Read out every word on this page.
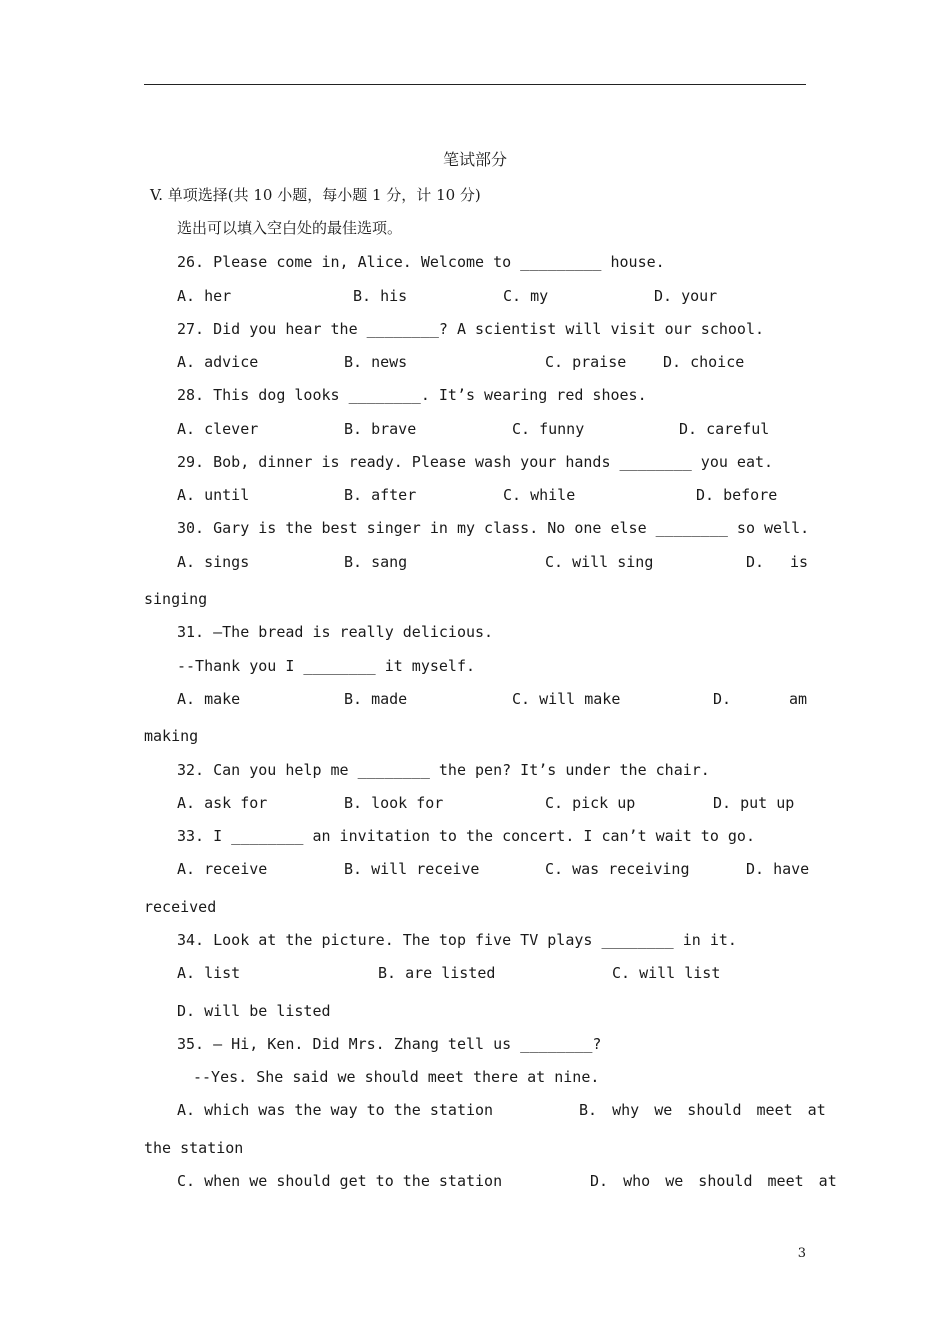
笔试部分
V. 单项选择(共 10 小题，每小题 1 分，计 10 分)
选出可以填入空白处的最佳选项。
26. Please come in, Alice. Welcome to _________ house.
A. her	B. his	C. my	D. your
27. Did you hear the ________? A scientist will visit our school.
A. advice	B. news	C. praise D. choice
28. This dog looks ________. It’s wearing red shoes.
A. clever	B. brave	C. funny	D. careful
29. Bob, dinner is ready. Please wash your hands ________ you eat.
A. until	B. after	C. while	D. before
30. Gary is the best singer in my class. No one else ________ so well.
A. sings	B. sang	C. will sing	D. is
singing
31. –The bread is really delicious.
--Thank you I ________ it myself.
A. make	B. made	C. will make	D.	am
making
32. Can you help me ________ the pen? It’s under the chair.
A. ask for	B. look for	C. pick up	D. put up
33. I ________ an invitation to the concert. I can’t wait to go.
A. receive	B. will receive	C. was receiving	D. have
received
34. Look at the picture. The top five TV plays ________ in it.
A. list	B. are listed	C. will list
D. will be listed
35. – Hi, Ken. Did Mrs. Zhang tell us ________?
--Yes. She said we should meet there at nine.
A. which was the way to the station	B. why we should meet at
the station
C. when we should get to the station	D. who we should meet at
3
